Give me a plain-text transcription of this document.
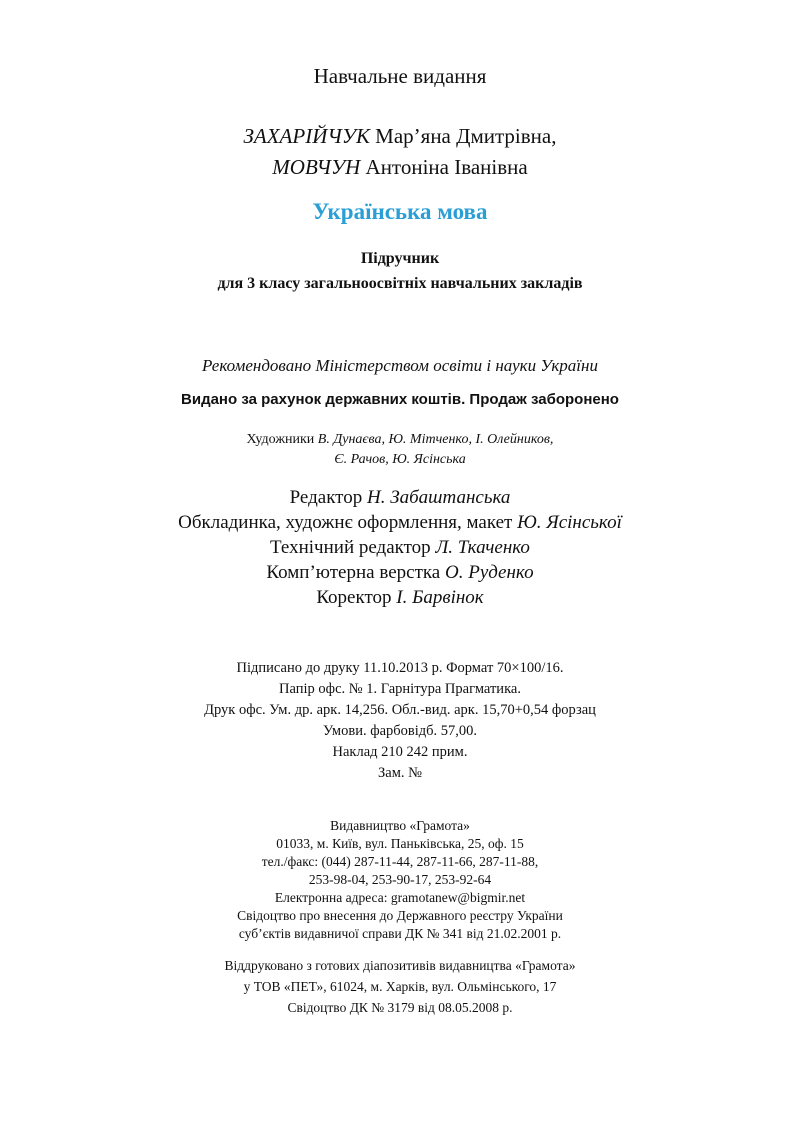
Навчальне видання
ЗАХАРІЙЧУК Мар’яна Дмитрівна,
МОВЧУН Антоніна Іванівна
Українська мова
Підручник
для 3 класу загальноосвітніх навчальних закладів
Рекомендовано Міністерством освіти і науки України
Видано за рахунок державних коштів. Продаж заборонено
Художники В. Дунаєва, Ю. Мітченко, І. Олейников,
Є. Рачов, Ю. Ясінська
Редактор Н. Забаштанська
Обкладинка, художнє оформлення, макет Ю. Ясінської
Технічний редактор Л. Ткаченко
Комп’ютерна верстка О. Руденко
Коректор І. Барвінок
Підписано до друку 11.10.2013 р. Формат 70×100/16.
Папір офс. № 1. Гарнітура Прагматика.
Друк офс. Ум. др. арк. 14,256. Обл.-вид. арк. 15,70+0,54 форзац
Умови. фарбовідб. 57,00.
Наклад 210 242 прим.
Зам. №
Видавництво «Грамота»
01033, м. Київ, вул. Паньківська, 25, оф. 15
тел./факс: (044) 287-11-44, 287-11-66, 287-11-88,
253-98-04, 253-90-17, 253-92-64
Електронна адреса: gramotanew@bigmir.net
Свідоцтво про внесення до Державного реєстру України
суб’єктів видавничої справи ДК № 341 від 21.02.2001 р.
Віддруковано з готових діапозитивів видавництва «Грамота»
у ТОВ «ПЕТ», 61024, м. Харків, вул. Ольмінського, 17
Свідоцтво ДК № 3179 від 08.05.2008 р.
